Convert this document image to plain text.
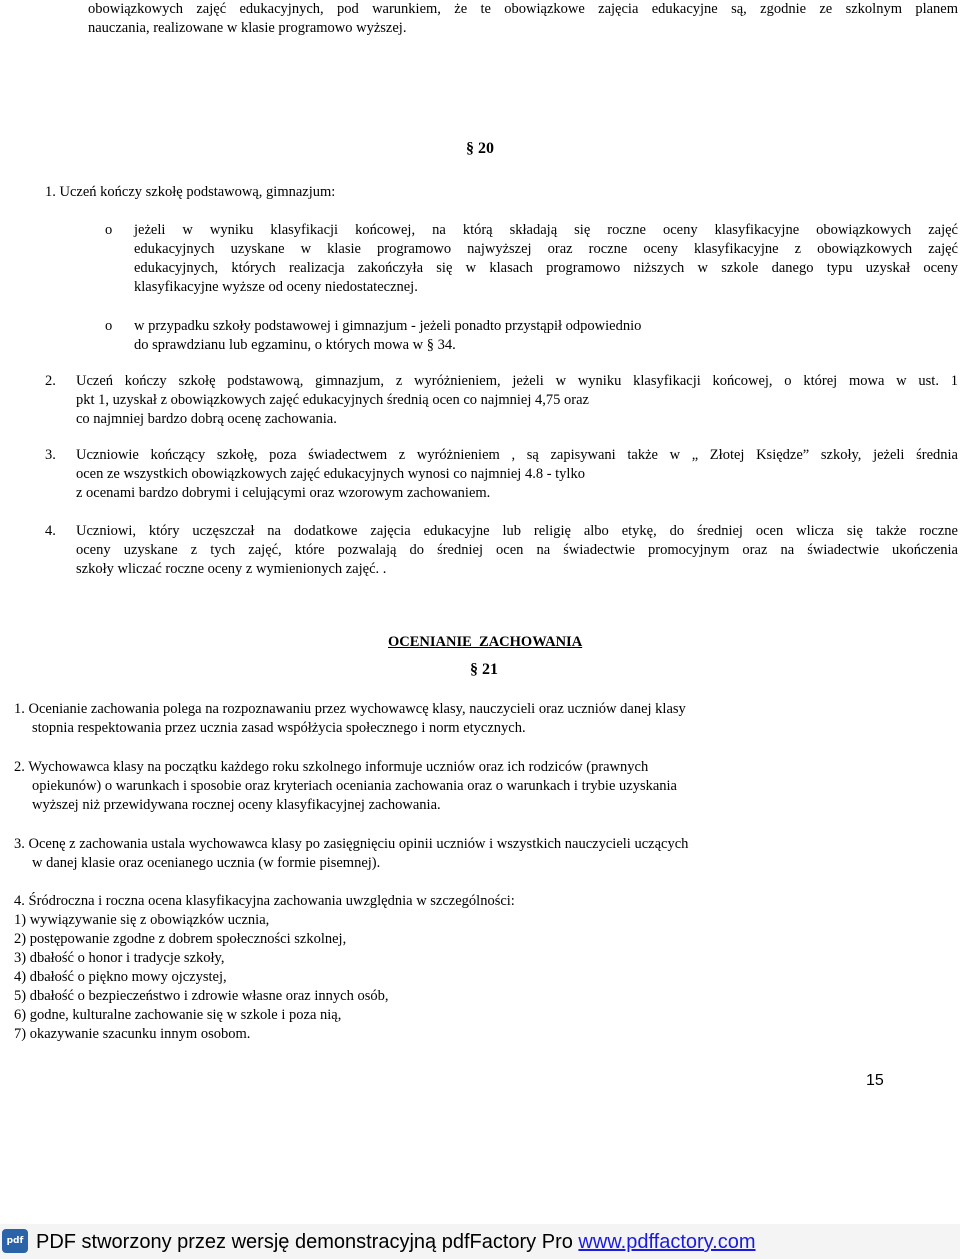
obowiązkowych zajęć edukacyjnych, pod warunkiem, że te obowiązkowe zajęcia edukacyjne są, zgodnie ze szkolnym planem
nauczania, realizowane w klasie programowo wyższej.
§ 20
1. Uczeń kończy szkołę podstawową, gimnazjum:
o jeżeli w wyniku klasyfikacji końcowej, na którą składają się roczne oceny klasyfikacyjne obowiązkowych zajęć
edukacyjnych uzyskane w klasie programowo najwyższej oraz roczne oceny klasyfikacyjne z obowiązkowych zajęć
edukacyjnych, których realizacja zakończyła się w klasach programowo niższych w szkole danego typu uzyskał oceny
klasyfikacyjne wyższe od oceny niedostatecznej.
o w przypadku szkoły podstawowej i gimnazjum - jeżeli ponadto przystąpił odpowiednio
do sprawdzianu lub egzaminu, o których mowa w § 34.
2. Uczeń kończy szkołę podstawową, gimnazjum, z wyróżnieniem, jeżeli w wyniku klasyfikacji końcowej, o której mowa w ust. 1
pkt 1, uzyskał z obowiązkowych zajęć edukacyjnych średnią ocen co najmniej 4,75 oraz
co najmniej bardzo dobrą ocenę zachowania.
3. Uczniowie kończący szkołę, poza świadectwem z wyróżnieniem , są zapisywani także w „ Złotej Księdze” szkoły, jeżeli średnia
ocen ze wszystkich obowiązkowych zajęć edukacyjnych wynosi co najmniej 4.8 - tylko
z ocenami bardzo dobrymi i celującymi oraz wzorowym zachowaniem.
4. Uczniowi, który uczęszczał na dodatkowe zajęcia edukacyjne lub religię albo etykę, do średniej ocen wlicza się także roczne
oceny uzyskane z tych zajęć, które pozwalają do średniej ocen na świadectwie promocyjnym oraz na świadectwie ukończenia
szkoły wliczać roczne oceny z wymienionych zajęć. .
OCENIANIE  ZACHOWANIA
§ 21
1. Ocenianie zachowania polega na rozpoznawaniu przez wychowawcę klasy, nauczycieli oraz uczniów danej klasy
stopnia respektowania przez ucznia zasad współżycia społecznego i norm etycznych.
2. Wychowawca klasy na początku każdego roku szkolnego informuje uczniów oraz ich rodziców (prawnych
opiekunów) o warunkach i sposobie oraz kryteriach oceniania zachowania oraz o warunkach i trybie uzyskania
wyższej niż przewidywana rocznej oceny klasyfikacyjnej zachowania.
3. Ocenę z zachowania ustala wychowawca klasy po zasięgnięciu opinii uczniów i wszystkich nauczycieli uczących
w danej klasie oraz ocenianego ucznia (w formie pisemnej).
4. Śródroczna i roczna ocena klasyfikacyjna zachowania uwzględnia w szczególności:
1) wywiązywanie się z obowiązków ucznia,
2) postępowanie zgodne z dobrem społeczności szkolnej,
3) dbałość o honor i tradycje szkoły,
4) dbałość o piękno mowy ojczystej,
5) dbałość o bezpieczeństwo i zdrowie własne oraz innych osób,
6) godne, kulturalne zachowanie się w szkole i poza nią,
7) okazywanie szacunku innym osobom.
15
pdf PDF stworzony przez wersję demonstracyjną pdfFactory Pro www.pdffactory.com
